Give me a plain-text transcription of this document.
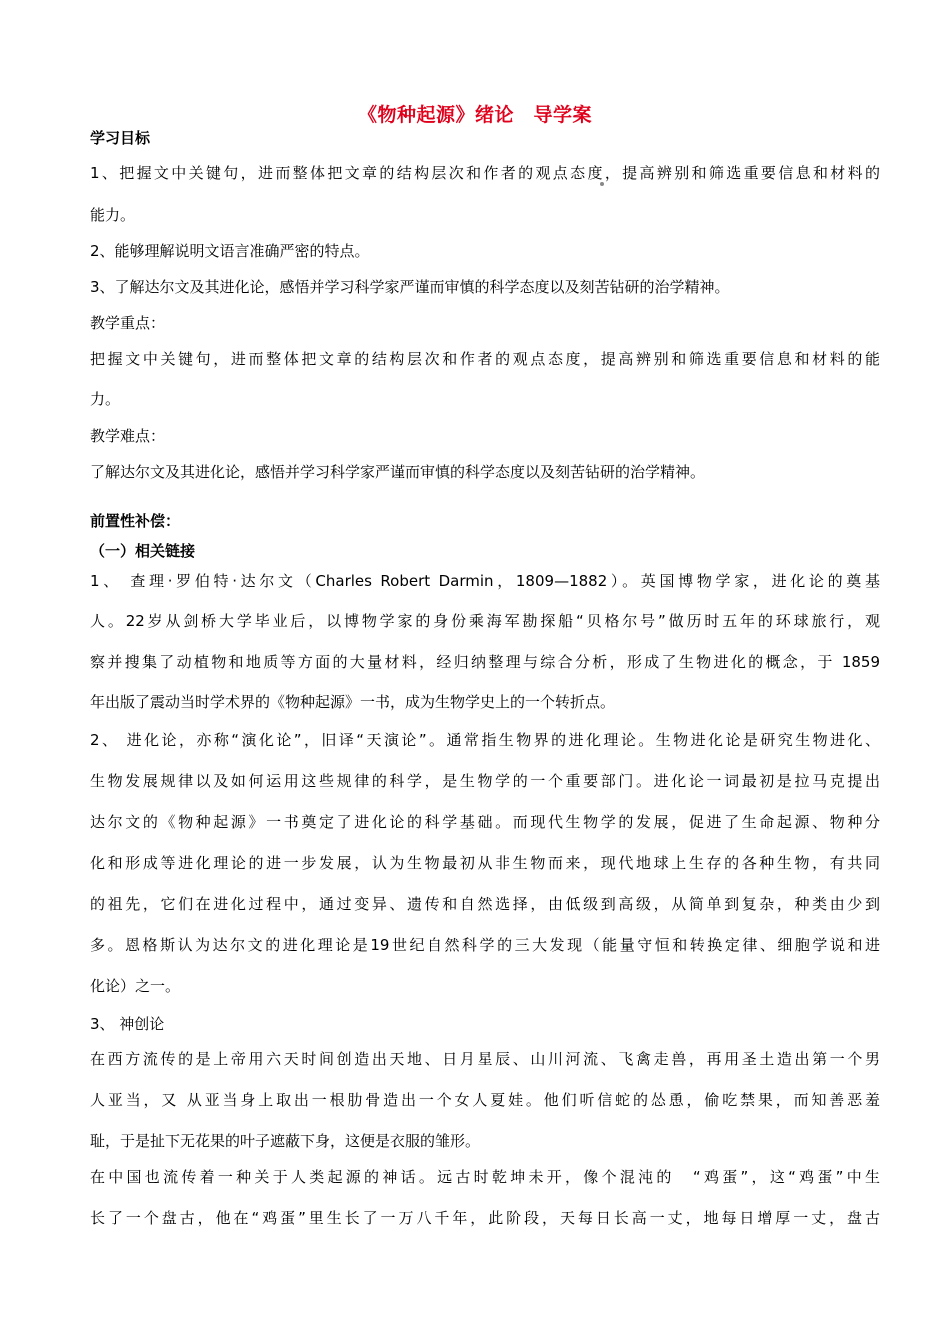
《物种起源》绪论　导学案
学习目标
1、把握文中关键句，进而整体把文章的结构层次和作者的观点态度，提高辨别和筛选重要信息和材料的
能力。
2、能够理解说明文语言准确严密的特点。
3、了解达尔文及其进化论，感悟并学习科学家严谨而审慎的科学态度以及刻苦钻研的治学精神。
教学重点：
把握文中关键句，进而整体把文章的结构层次和作者的观点态度，提高辨别和筛选重要信息和材料的能
力。
教学难点：
了解达尔文及其进化论，感悟并学习科学家严谨而审慎的科学态度以及刻苦钻研的治学精神。
前置性补偿：
（一）相关链接
1、 查理·罗伯特·达尔文（Charles Robert Darmin，1809—1882）。英国博物学家，进化论的奠基
人。22岁从剑桥大学毕业后，以博物学家的身份乘海军勘探船“贝格尔号”做历时五年的环球旅行，观
察并搜集了动植物和地质等方面的大量材料，经归纳整理与综合分析，形成了生物进化的概念，于 1859
年出版了震动当时学术界的《物种起源》一书，成为生物学史上的一个转折点。
2、 进化论，亦称“演化论”，旧译“天演论”。通常指生物界的进化理论。生物进化论是研究生物进化、
生物发展规律以及如何运用这些规律的科学，是生物学的一个重要部门。进化论一词最初是拉马克提出
达尔文的《物种起源》一书奠定了进化论的科学基础。而现代生物学的发展，促进了生命起源、物种分
化和形成等进化理论的进一步发展，认为生物最初从非生物而来，现代地球上生存的各种生物，有共同
的祖先，它们在进化过程中，通过变异、遗传和自然选择，由低级到高级，从简单到复杂，种类由少到
多。恩格斯认为达尔文的进化理论是19世纪自然科学的三大发现（能量守恒和转换定律、细胞学说和进
化论）之一。
3、 神创论
在西方流传的是上帝用六天时间创造出天地、日月星辰、山川河流、飞禽走兽，再用圣土造出第一个男
人亚当，又 从亚当身上取出一根肋骨造出一个女人夏娃。他们听信蛇的怂恿，偷吃禁果，而知善恶羞
耻，于是扯下无花果的叶子遮蔽下身，这便是衣服的雏形。
在中国也流传着一种关于人类起源的神话。远古时乾坤未开，像个混沌的　“鸡蛋”，这“鸡蛋”中生
长了一个盘古，他在“鸡蛋”里生长了一万八千年，此阶段，天每日长高一丈，地每日增厚一丈，盘古
